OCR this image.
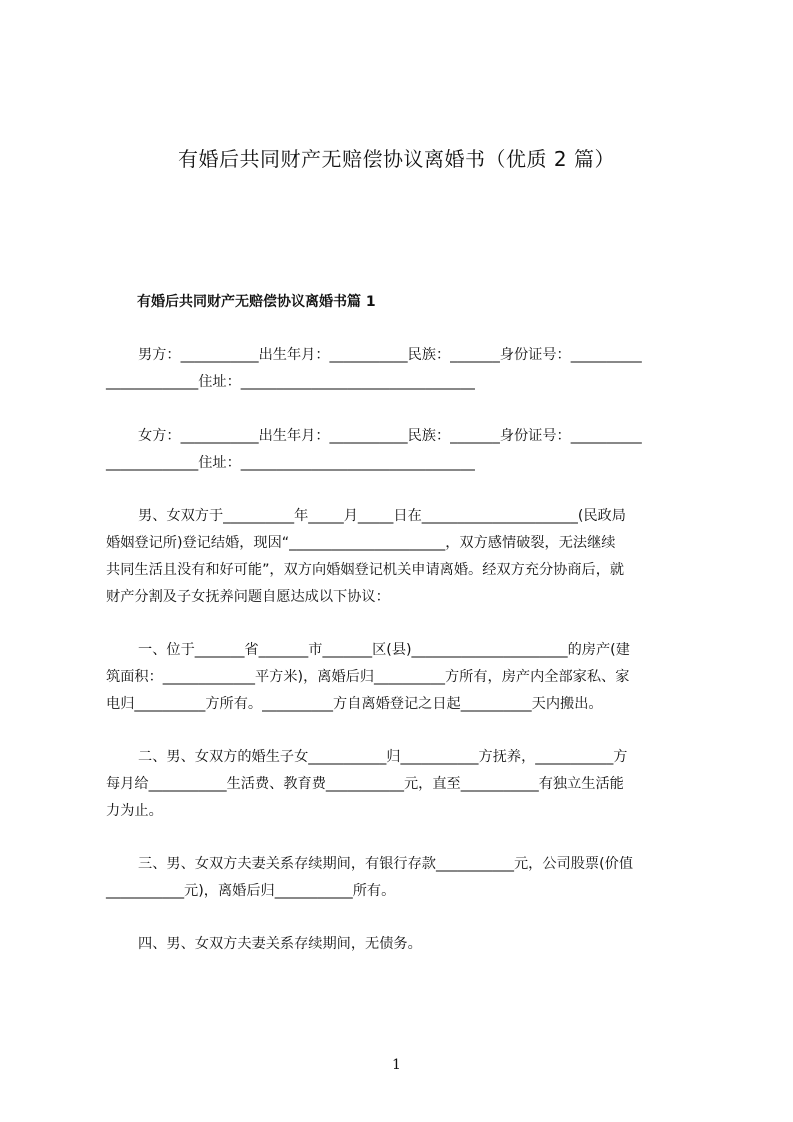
有婚后共同财产无赔偿协议离婚书（优质 2 篇）
有婚后共同财产无赔偿协议离婚书篇 1
男方：___________出生年月：___________民族：_______身份证号：__________
_____________住址：_________________________________
女方：___________出生年月：___________民族：_______身份证号：__________
_____________住址：_________________________________
男、女双方于__________年_____月_____日在______________________(民政局
婚姻登记所)登记结婚，现因“______________________，双方感情破裂，无法继续
共同生活且没有和好可能”，双方向婚姻登记机关申请离婚。经双方充分协商后，就
财产分割及子女抚养问题自愿达成以下协议：
一、位于_______省_______市_______区(县)______________________的房产(建
筑面积：_____________平方米)，离婚后归__________方所有，房产内全部家私、家
电归__________方所有。__________方自离婚登记之日起__________天内搬出。
二、男、女双方的婚生子女___________归___________方抚养，___________方
每月给___________生活费、教育费___________元，直至___________有独立生活能
力为止。
三、男、女双方夫妻关系存续期间，有银行存款___________元，公司股票(价值
___________元)，离婚后归___________所有。
四、男、女双方夫妻关系存续期间，无债务。
1
